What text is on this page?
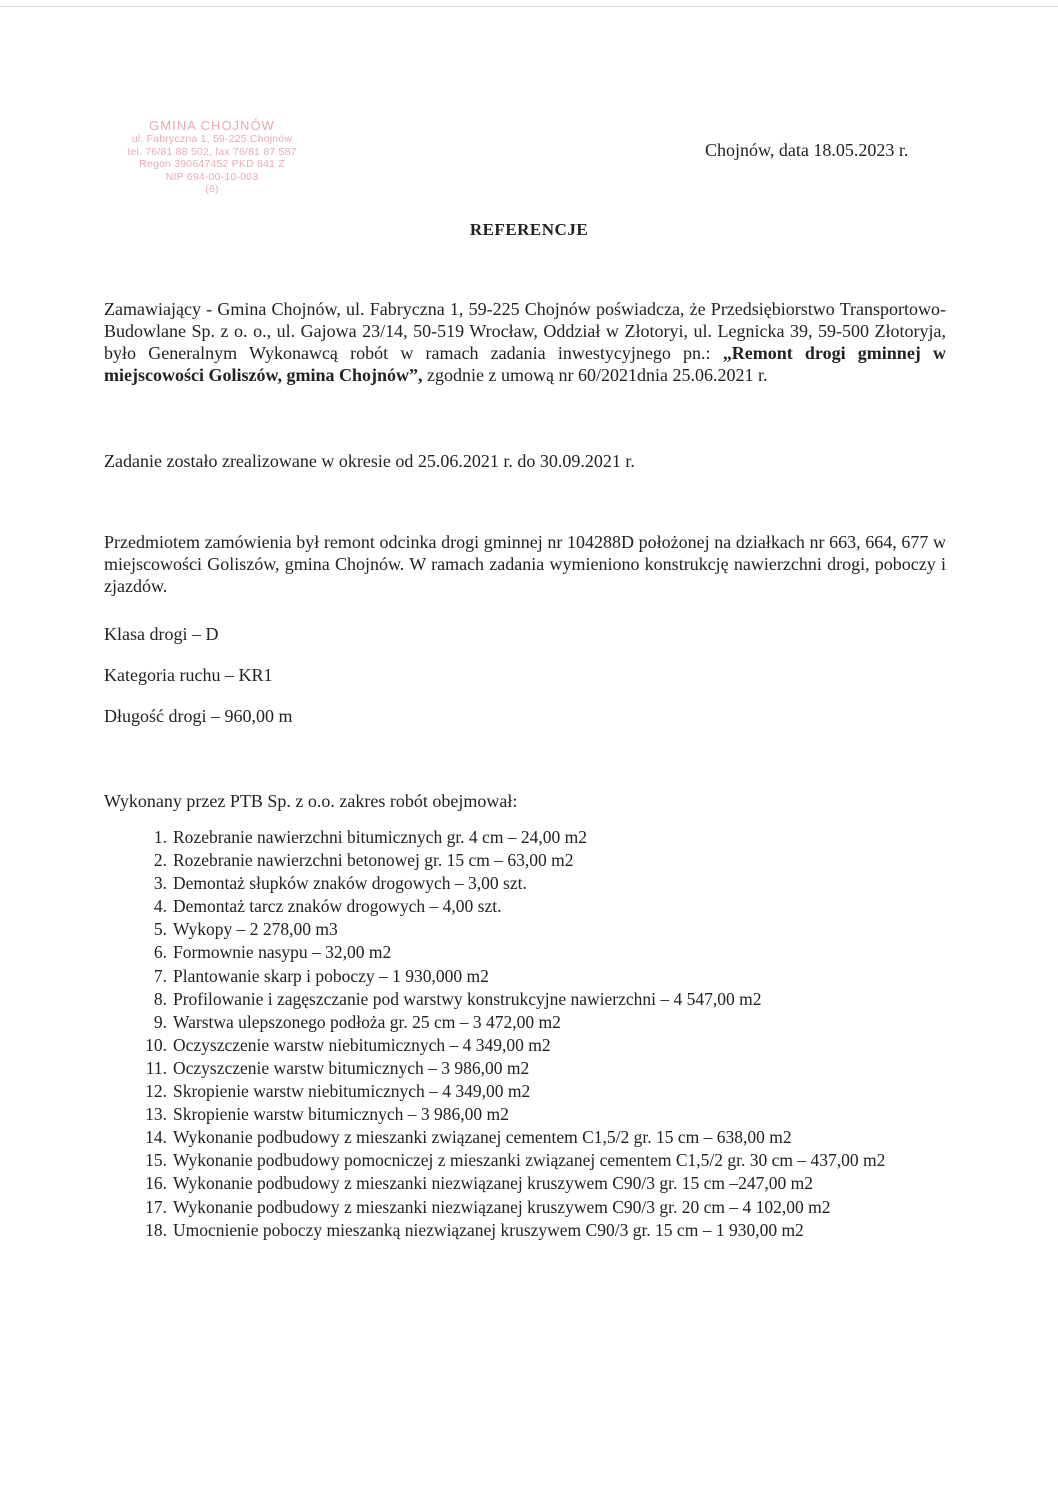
GMINA CHOJNÓW
ul. Fabryczna 1, 59-225 Chojnów
tel. 76/81 88 502, fax 76/81 87 587
Regon 390647452 PKD 841 Z
NIP 694-00-10-003
(6)
Chojnów, data 18.05.2023 r.
REFERENCJE
Zamawiający - Gmina Chojnów, ul. Fabryczna 1, 59-225 Chojnów poświadcza, że Przedsiębiorstwo Transportowo-Budowlane Sp. z o. o., ul. Gajowa 23/14, 50-519 Wrocław, Oddział w Złotoryi, ul. Legnicka 39, 59-500 Złotoryja, było Generalnym Wykonawcą robót w ramach zadania inwestycyjnego pn.: „Remont drogi gminnej w miejscowości Goliszów, gmina Chojnów”, zgodnie z umową nr 60/2021dnia 25.06.2021 r.
Zadanie zostało zrealizowane w okresie od 25.06.2021 r. do 30.09.2021 r.
Przedmiotem zamówienia był remont odcinka drogi gminnej nr 104288D położonej na działkach nr 663, 664, 677 w miejscowości Goliszów, gmina Chojnów. W ramach zadania wymieniono konstrukcję nawierzchni drogi, poboczy i zjazdów.
Klasa drogi – D
Kategoria ruchu – KR1
Długość drogi – 960,00 m
Wykonany przez PTB Sp. z o.o. zakres robót obejmował:
1. Rozebranie nawierzchni bitumicznych gr. 4 cm – 24,00 m2
2. Rozebranie nawierzchni betonowej gr. 15 cm – 63,00 m2
3. Demontaż słupków znaków drogowych – 3,00 szt.
4. Demontaż tarcz znaków drogowych – 4,00 szt.
5. Wykopy – 2 278,00 m3
6. Formownie nasypu – 32,00 m2
7. Plantowanie skarp i poboczy – 1 930,000 m2
8. Profilowanie i zagęszczanie pod warstwy konstrukcyjne nawierzchni – 4 547,00 m2
9. Warstwa ulepszonego podłoża gr. 25 cm – 3 472,00 m2
10. Oczyszczenie warstw niebitumicznych – 4 349,00 m2
11. Oczyszczenie warstw bitumicznych – 3 986,00 m2
12. Skropienie warstw niebitumicznych – 4 349,00 m2
13. Skropienie warstw bitumicznych – 3 986,00 m2
14. Wykonanie podbudowy z mieszanki związanej cementem C1,5/2 gr. 15 cm – 638,00 m2
15. Wykonanie podbudowy pomocniczej z mieszanki związanej cementem C1,5/2 gr. 30 cm – 437,00 m2
16. Wykonanie podbudowy z mieszanki niezwiązanej kruszywem C90/3 gr. 15 cm –247,00 m2
17. Wykonanie podbudowy z mieszanki niezwiązanej kruszywem C90/3 gr. 20 cm – 4 102,00 m2
18. Umocnienie poboczy mieszanką niezwiązanej kruszywem C90/3 gr. 15 cm – 1 930,00 m2
